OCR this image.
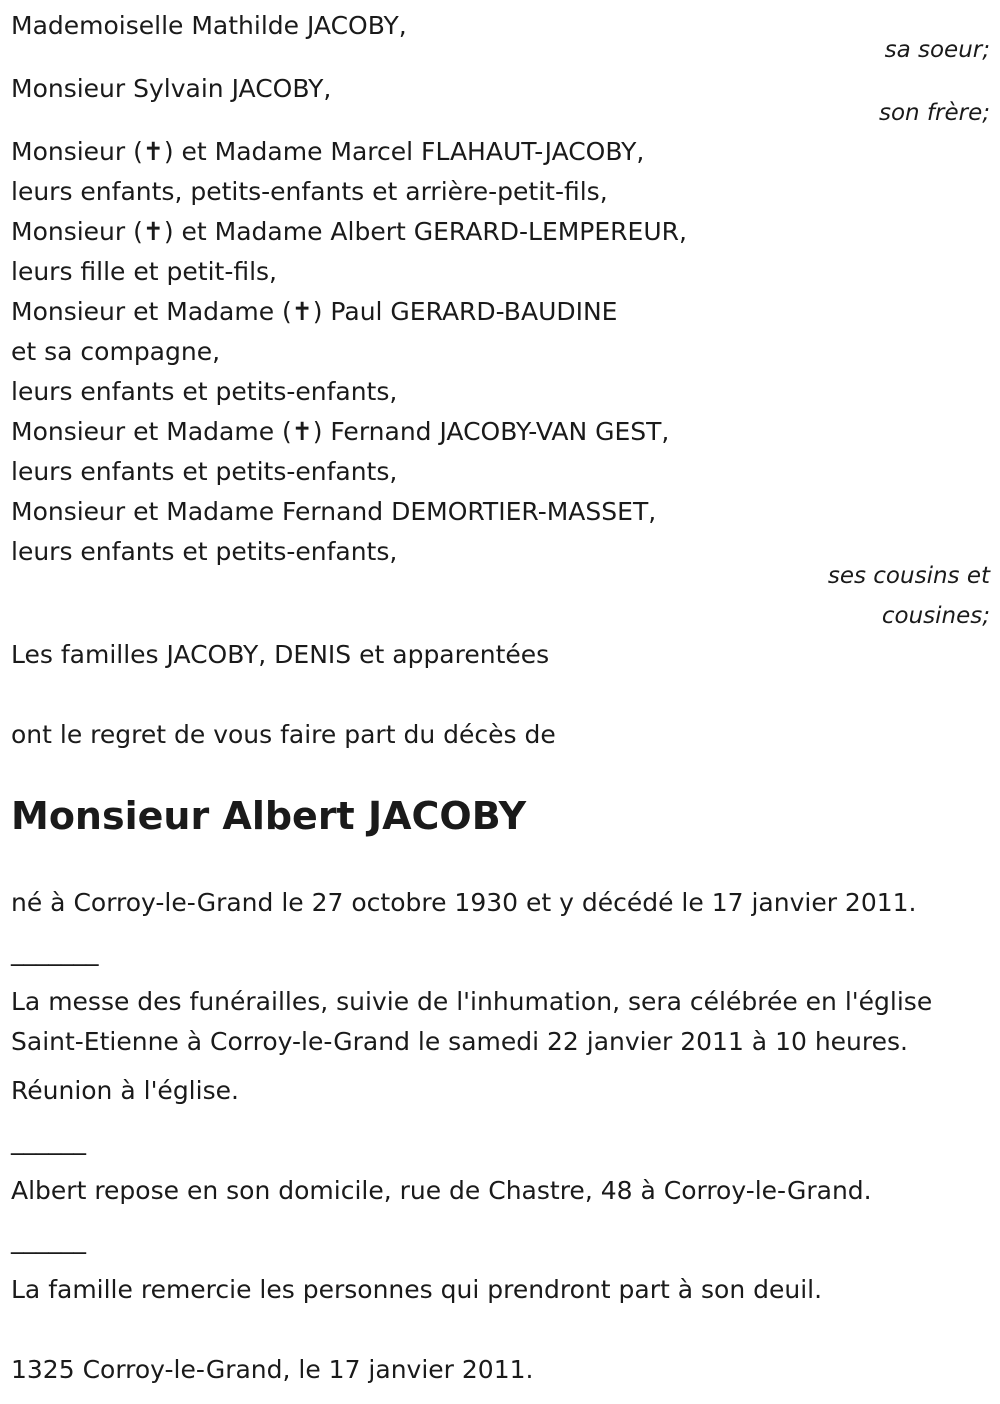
Mademoiselle Mathilde JACOBY,

sa soeur;

Monsieur Sylvain JACOBY,

son frère;

Monsieur (✝) et Madame Marcel FLAHAUT-JACOBY,

leurs enfants, petits-enfants et arrière-petit-fils,

Monsieur (✝) et Madame Albert GERARD-LEMPEREUR,

leurs fille et petit-fils,

Monsieur et Madame (✝) Paul GERARD-BAUDINE

et sa compagne,

leurs enfants et petits-enfants,

Monsieur et Madame (✝) Fernand JACOBY-VAN GEST,

leurs enfants et petits-enfants,

Monsieur et Madame Fernand DEMORTIER-MASSET,

leurs enfants et petits-enfants,

ses cousins et

cousines;

Les familles JACOBY, DENIS et apparentées

ont le regret de vous faire part du décès de

Monsieur Albert JACOBY

né à Corroy-le-Grand le 27 octobre 1930 et y décédé le 17 janvier 2011.

_______

La messe des funérailles, suivie de l'inhumation, sera célébrée en l'église

Saint-Etienne à Corroy-le-Grand le samedi 22 janvier 2011 à 10 heures.

Réunion à l'église.

______

Albert repose en son domicile, rue de Chastre, 48 à Corroy-le-Grand.

______

La famille remercie les personnes qui prendront part à son deuil.

1325 Corroy-le-Grand, le 17 janvier 2011.
